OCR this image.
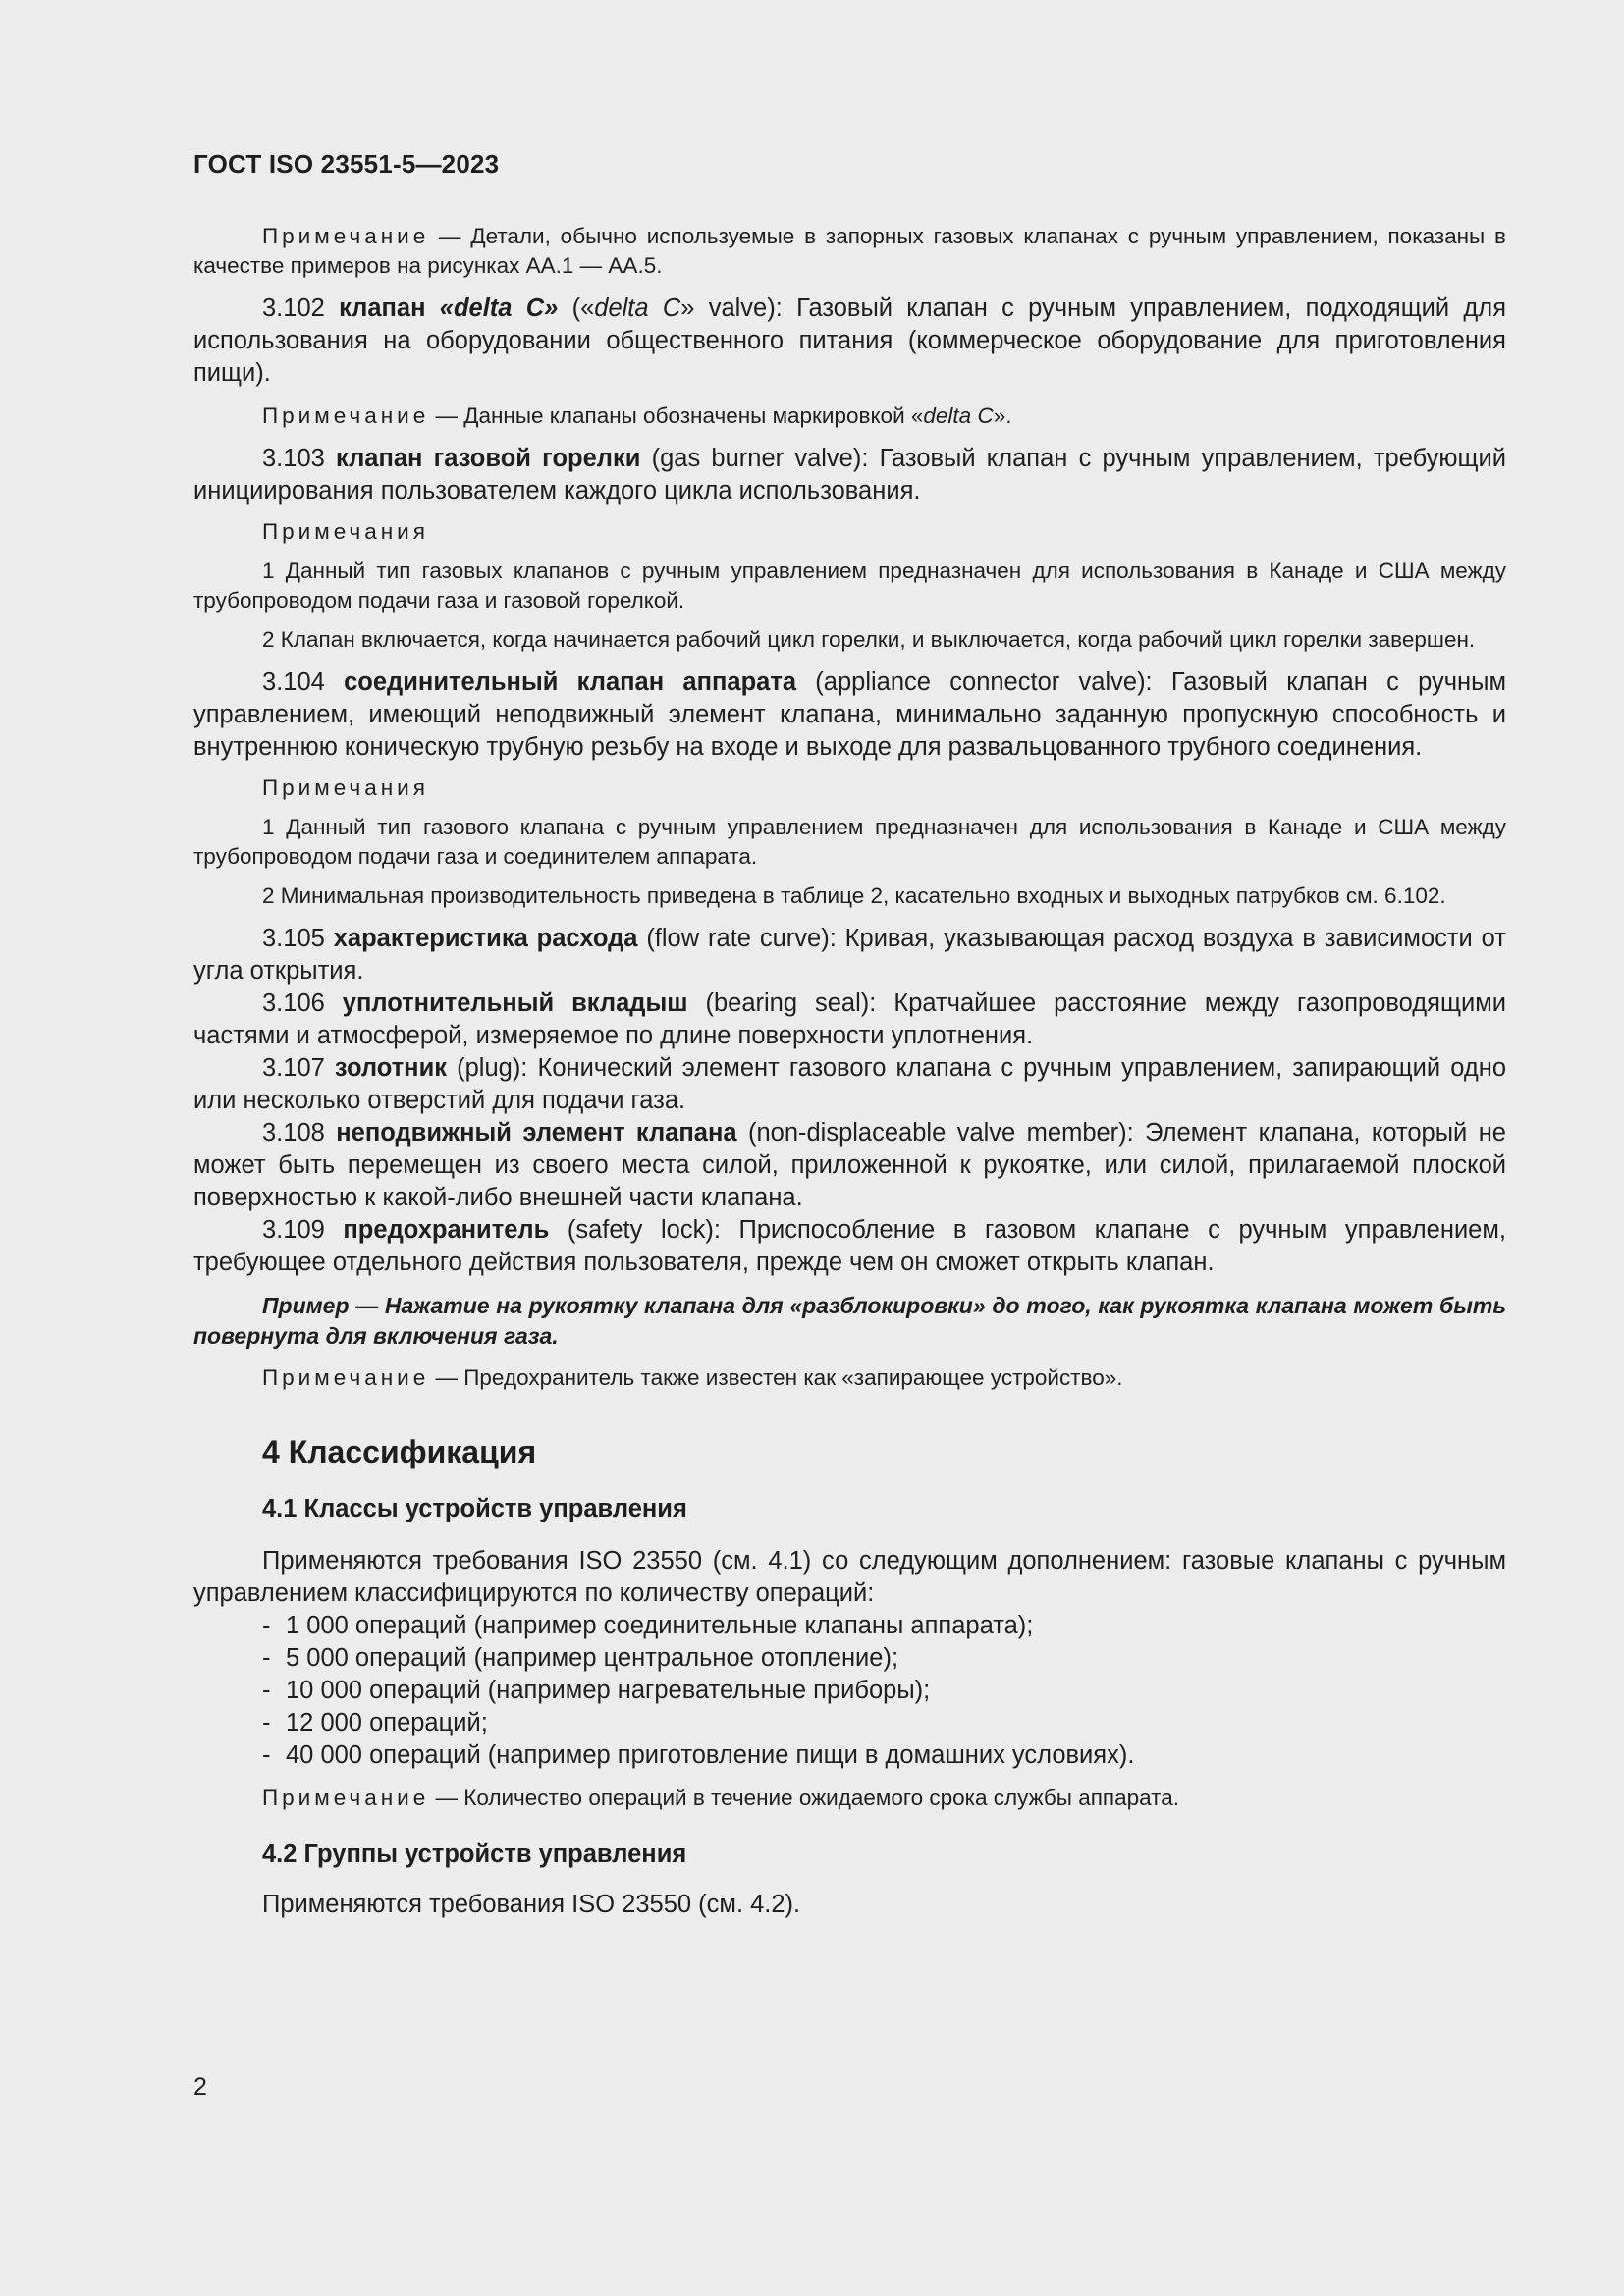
ГОСТ ISO 23551-5—2023

Примечание — Детали, обычно используемые в запорных газовых клапанах с ручным управлением, показаны в качестве примеров на рисунках АА.1 — АА.5.

3.102 клапан «delta C» («delta C» valve): Газовый клапан с ручным управлением, подходящий для использования на оборудовании общественного питания (коммерческое оборудование для приготовления пищи).

Примечание — Данные клапаны обозначены маркировкой «delta C».

3.103 клапан газовой горелки (gas burner valve): Газовый клапан с ручным управлением, требующий инициирования пользователем каждого цикла использования.

Примечания

1 Данный тип газовых клапанов с ручным управлением предназначен для использования в Канаде и США между трубопроводом подачи газа и газовой горелкой.

2 Клапан включается, когда начинается рабочий цикл горелки, и выключается, когда рабочий цикл горелки завершен.

3.104 соединительный клапан аппарата (appliance connector valve): Газовый клапан с ручным управлением, имеющий неподвижный элемент клапана, минимально заданную пропускную способность и внутреннюю коническую трубную резьбу на входе и выходе для развальцованного трубного соединения.

Примечания

1 Данный тип газового клапана с ручным управлением предназначен для использования в Канаде и США между трубопроводом подачи газа и соединителем аппарата.

2 Минимальная производительность приведена в таблице 2, касательно входных и выходных патрубков см. 6.102.

3.105 характеристика расхода (flow rate curve): Кривая, указывающая расход воздуха в зависимости от угла открытия.

3.106 уплотнительный вкладыш (bearing seal): Кратчайшее расстояние между газопроводящими частями и атмосферой, измеряемое по длине поверхности уплотнения.

3.107 золотник (plug): Конический элемент газового клапана с ручным управлением, запирающий одно или несколько отверстий для подачи газа.

3.108 неподвижный элемент клапана (non-displaceable valve member): Элемент клапана, который не может быть перемещен из своего места силой, приложенной к рукоятке, или силой, прилагаемой плоской поверхностью к какой-либо внешней части клапана.

3.109 предохранитель (safety lock): Приспособление в газовом клапане с ручным управлением, требующее отдельного действия пользователя, прежде чем он сможет открыть клапан.

Пример — Нажатие на рукоятку клапана для «разблокировки» до того, как рукоятка клапана может быть повернута для включения газа.

Примечание — Предохранитель также известен как «запирающее устройство».

4 Классификация
4.1 Классы устройств управления

Применяются требования ISO 23550 (см. 4.1) со следующим дополнением: газовые клапаны с ручным управлением классифицируются по количеству операций:

- 1 000 операций (например соединительные клапаны аппарата);
- 5 000 операций (например центральное отопление);
- 10 000 операций (например нагревательные приборы);
- 12 000 операций;
- 40 000 операций (например приготовление пищи в домашних условиях).

Примечание — Количество операций в течение ожидаемого срока службы аппарата.

4.2 Группы устройств управления

Применяются требования ISO 23550 (см. 4.2).

2
